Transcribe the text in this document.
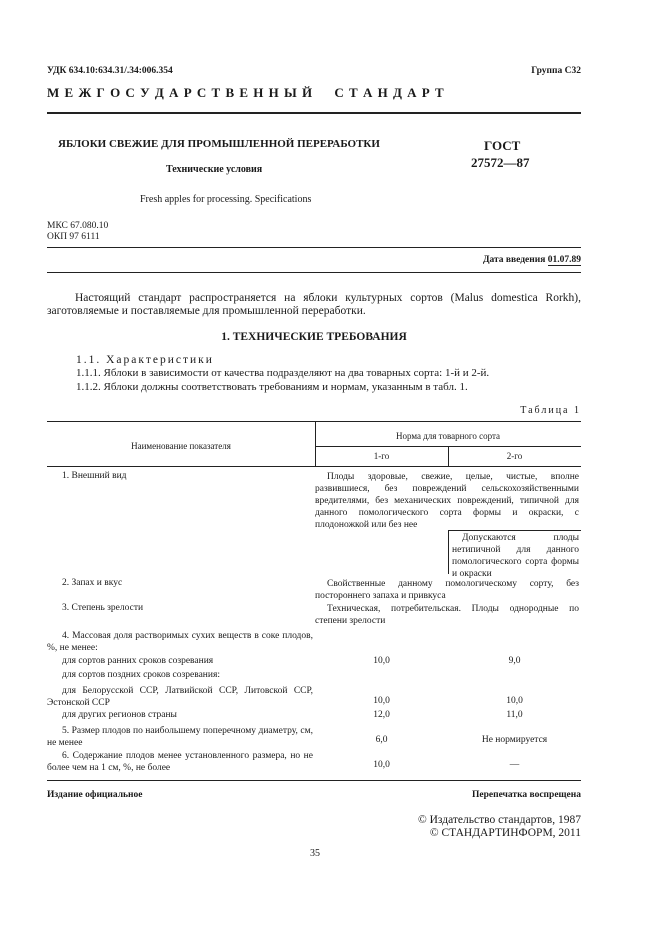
УДК 634.10:634.31/.34:006.354	Группа С32
М Е Ж Г О С У Д А Р С Т В Е Н Н Ы Й     С Т А Н Д А Р Т
ЯБЛОКИ СВЕЖИЕ ДЛЯ ПРОМЫШЛЕННОЙ ПЕРЕРАБОТКИ
Технические условия
Fresh apples for processing. Specifications
ГОСТ
27572—87
МКС 67.080.10
ОКП 97 6111
Дата введения 01.07.89
Настоящий стандарт распространяется на яблоки культурных сортов (Malus domestica Rorkh), заготовляемые и поставляемые для промышленной переработки.
1. ТЕХНИЧЕСКИЕ ТРЕБОВАНИЯ
1.1. Характеристики
1.1.1. Яблоки в зависимости от качества подразделяют на два товарных сорта: 1-й и 2-й.
1.1.2. Яблоки должны соответствовать требованиям и нормам, указанным в табл. 1.
Таблица 1
Наименование показателя
Норма для товарного сорта
1-го	2-го
1. Внешний вид	Плоды здоровые, свежие, целые, чистые, вполне развившиеся, без повреждений сельскохозяйственными вредителями, без механических повреждений, типичной для данного помологического сорта формы и окраски, с плодоножкой или без нее
Допускаются плоды нетипичной для данного помологического сорта формы и окраски
2. Запах и вкус	Свойственные данному помологическому сорту, без постороннего запаха и привкуса
3. Степень зрелости	Техническая, потребительская. Плоды однородные по степени зрелости
4. Массовая доля растворимых сухих веществ в соке плодов, %, не менее:
для сортов ранних сроков созревания	10,0	9,0
для сортов поздних сроков созревания:
для Белорусской ССР, Латвийской ССР, Литовской ССР, Эстонской ССР	10,0	10,0
для других регионов страны	12,0	11,0
5. Размер плодов по наибольшему поперечному диаметру, см, не менее	6,0	Не нормируется
6. Содержание плодов менее установленного размера, но не более чем на 1 см, %, не более	10,0	—
Издание официальное	Перепечатка воспрещена
© Издательство стандартов, 1987
© СТАНДАРТИНФОРМ, 2011
35
